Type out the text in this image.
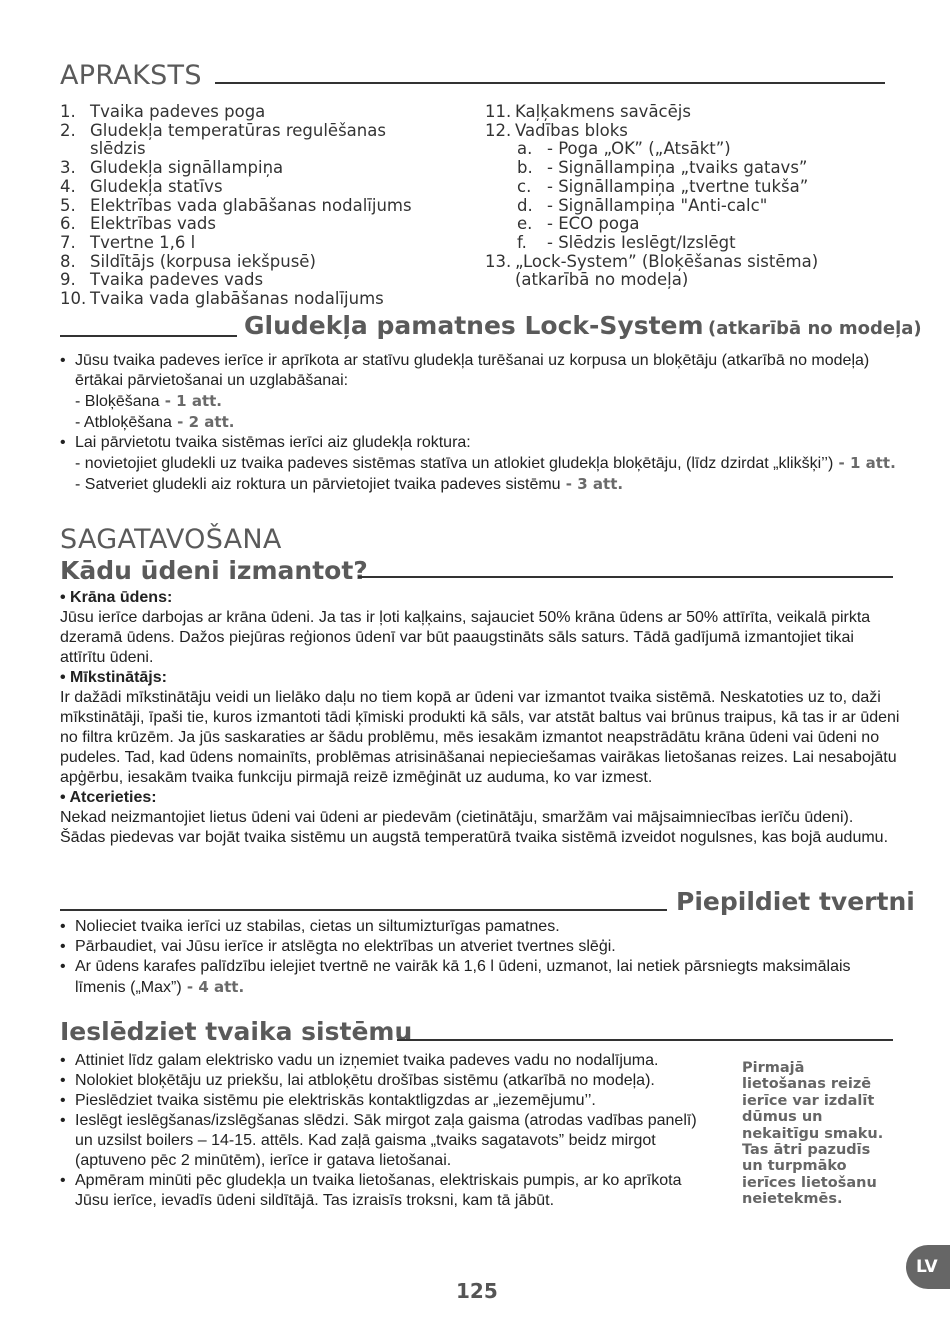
APRAKSTS
1. Tvaika padeves poga
2. Gludekļa temperatūras regulēšanas
slēdzis
3. Gludekļa signāllampiņa
4. Gludekļa statīvs
5. Elektrības vada glabāšanas nodalījums
6. Elektrības vads
7. Tvertne 1,6 l
8. Sildītājs (korpusa iekšpusē)
9. Tvaika padeves vads
10. Tvaika vada glabāšanas nodalījums
11. Kaļķakmens savācējs
12. Vadības bloks
a. - Poga „OK” („Atsākt”)
b. - Signāllampiņa „tvaiks gatavs”
c. - Signāllampiņa „tvertne tukša”
d. - Signāllampiņa "Anti-calc"
e. - ECO poga
f.	- Slēdzis Ieslēgt/Izslēgt
13. „Lock-System” (Bloķēšanas sistēma)
(atkarībā no modeļa)
Gludekļa pamatnes Lock-System (atkarībā no modeļa)
• Jūsu tvaika padeves ierīce ir aprīkota ar statīvu gludekļa turēšanai uz korpusa un bloķētāju (atkarībā no modeļa) ērtākai pārvietošanai un uzglabāšanai:
- Bloķēšana - 1 att.
- Atbloķēšana - 2 att.
• Lai pārvietotu tvaika sistēmas ierīci aiz gludekļa roktura:
- novietojiet gludekli uz tvaika padeves sistēmas statīva un atlokiet gludekļa bloķētāju, (līdz dzirdat „klikšķi’’) - 1 att.
- Satveriet gludekli aiz roktura un pārvietojiet tvaika padeves sistēmu - 3 att.
SAGATAVOŠANA
Kādu ūdeni izmantot?
• Krāna ūdens:
Jūsu ierīce darbojas ar krāna ūdeni. Ja tas ir ļoti kaļķains, sajauciet 50% krāna ūdens ar 50% attīrīta, veikalā pirkta dzeramā ūdens. Dažos piejūras reģionos ūdenī var būt paaugstināts sāls saturs. Tādā gadījumā izmantojiet tikai attīrītu ūdeni.
• Mīkstinātājs:
Ir dažādi mīkstinātāju veidi un lielāko daļu no tiem kopā ar ūdeni var izmantot tvaika sistēmā. Neskatoties uz to, daži mīkstinātāji, īpaši tie, kuros izmantoti tādi ķīmiski produkti kā sāls, var atstāt baltus vai brūnus traipus, kā tas ir ar ūdeni no filtra krūzēm. Ja jūs saskaraties ar šādu problēmu, mēs iesakām izmantot neapstrādātu krāna ūdeni vai ūdeni no pudeles. Tad, kad ūdens nomainīts, problēmas atrisināšanai nepieciešamas vairākas lietošanas reizes. Lai nesabojātu apģērbu, iesakām tvaika funkciju pirmajā reizē izmēģināt uz auduma, ko var izmest.
• Atcerieties:
Nekad neizmantojiet lietus ūdeni vai ūdeni ar piedevām (cietinātāju, smaržām vai mājsaimniecības ierīču ūdeni). Šādas piedevas var bojāt tvaika sistēmu un augstā temperatūrā tvaika sistēmā izveidot nogulsnes, kas bojā audumu.
Piepildiet tvertni
• Nolieciet tvaika ierīci uz stabilas, cietas un siltumizturīgas pamatnes.
• Pārbaudiet, vai Jūsu ierīce ir atslēgta no elektrības un atveriet tvertnes slēģi.
• Ar ūdens karafes palīdzību ielejiet tvertnē ne vairāk kā 1,6 l ūdeni, uzmanot, lai netiek pārsniegts maksimālais līmenis („Max”) - 4 att.
Ieslēdziet tvaika sistēmu
• Attiniet līdz galam elektrisko vadu un izņemiet tvaika padeves vadu no nodalījuma.
• Nolokiet bloķētāju uz priekšu, lai atbloķētu drošības sistēmu (atkarībā no modeļa).
• Pieslēdziet tvaika sistēmu pie elektriskās kontaktligzdas ar „iezemējumu’’.
• Ieslēgt ieslēgšanas/izslēgšanas slēdzi. Sāk mirgot zaļa gaisma (atrodas vadības panelī) un uzsilst boilers – 14-15. attēls. Kad zaļā gaisma „tvaiks sagatavots” beidz mirgot (aptuveno pēc 2 minūtēm), ierīce ir gatava lietošanai.
• Apmēram minūti pēc gludekļa un tvaika lietošanas, elektriskais pumpis, ar ko aprīkota Jūsu ierīce, ievadīs ūdeni sildītājā. Tas izraisīs troksni, kam tā jābūt.
Pirmajā lietošanas reizē ierīce var izdalīt dūmus un nekaitīgu smaku. Tas ātri pazudīs un turpmāko ierīces lietošanu neietekmēs.
125
LV
